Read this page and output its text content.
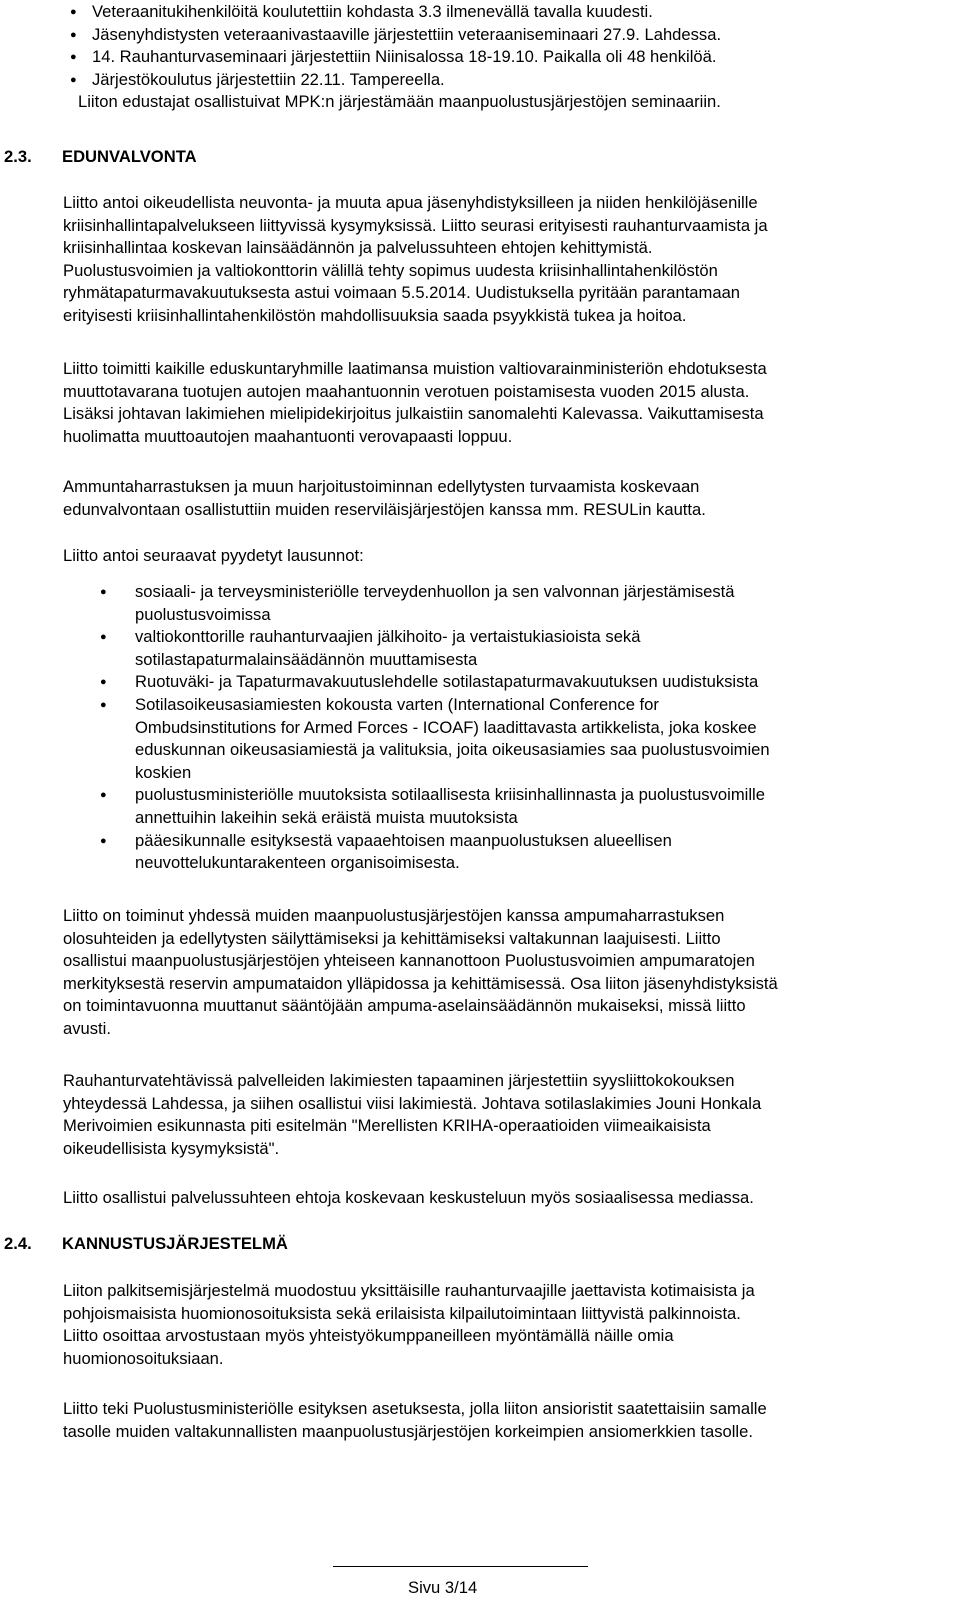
● Veteraanitukihenkilöitä koulutettiin kohdasta 3.3 ilmenevällä tavalla kuudesti.
● Jäsenyhdistysten veteraanivastaaville järjestettiin veteraaniseminaari 27.9. Lahdessa.
● 14. Rauhanturvaseminaari järjestettiin Niinisalossa 18-19.10. Paikalla oli 48 henkilöä.
● Järjestökoulutus järjestettiin 22.11. Tampereella.
Liiton edustajat osallistuivat MPK:n järjestämään maanpuolustusjärjestöjen seminaariin.
2.3. EDUNVALVONTA
Liitto antoi oikeudellista neuvonta- ja muuta apua jäsenyhdistyksilleen ja niiden henkilöjäsenille
kriisinhallintapalvelukseen liittyvissä kysymyksissä. Liitto seurasi erityisesti rauhanturvaamista ja
kriisinhallintaa koskevan lainsäädännön ja palvelussuhteen ehtojen kehittymistä.
Puolustusvoimien ja valtiokonttorin välillä tehty sopimus uudesta kriisinhallintahenkilöstön
ryhmätapaturmavakuutuksesta astui voimaan 5.5.2014. Uudistuksella pyritään parantamaan
erityisesti kriisinhallintahenkilöstön mahdollisuuksia saada psyykkistä tukea ja hoitoa.
Liitto toimitti kaikille eduskuntaryhmille laatimansa muistion valtiovarainministeriön ehdotuksesta
muuttotavarana tuotujen autojen maahantuonnin verotuen poistamisesta vuoden 2015 alusta.
Lisäksi johtavan lakimiehen mielipidekirjoitus julkaistiin sanomalehti Kalevassa. Vaikuttamisesta
huolimatta muuttoautojen maahantuonti verovapaasti loppuu.
Ammuntaharrastuksen ja muun harjoitustoiminnan edellytysten turvaamista koskevaan
edunvalvontaan osallistuttiin muiden reserviläisjärjestöjen kanssa mm. RESULin kautta.
Liitto antoi seuraavat pyydetyt lausunnot:
● sosiaali- ja terveysministeriölle terveydenhuollon ja sen valvonnan järjestämisestä
puolustusvoimissa
● valtiokonttorille rauhanturvaajien jälkihoito- ja vertaistukiasioista sekä
sotilastapaturmalainsäädännön muuttamisesta
● Ruotuväki- ja Tapaturmavakuutuslehdelle sotilastapaturmavakuutuksen uudistuksista
● Sotilasoikeusasiamiesten kokousta varten (International Conference for
Ombudsinstitutions for Armed Forces - ICOAF) laadittavasta artikkelista, joka koskee
eduskunnan oikeusasiamiestä ja valituksia, joita oikeusasiamies saa puolustusvoimien
koskien
● puolustusministeriölle muutoksista sotilaallisesta kriisinhallinnasta ja puolustusvoimille
annettuihin lakeihin sekä eräistä muista muutoksista
● pääesikunnalle esityksestä vapaaehtoisen maanpuolustuksen alueellisen
neuvottelukuntarakenteen organisoimisesta.
Liitto on toiminut yhdessä muiden maanpuolustusjärjestöjen kanssa ampumaharrastuksen
olosuhteiden ja edellytysten säilyttämiseksi ja kehittämiseksi valtakunnan laajuisesti. Liitto
osallistui maanpuolustusjärjestöjen yhteiseen kannanottoon Puolustusvoimien ampumaratojen
merkityksestä reservin ampumataidon ylläpidossa ja kehittämisessä. Osa liiton jäsenyhdistyksistä
on toimintavuonna muuttanut sääntöjään ampuma-aselainsäädännön mukaiseksi, missä liitto
avusti.
Rauhanturvatehtävissä palvelleiden lakimiesten tapaaminen järjestettiin syysliittokokouksen
yhteydessä Lahdessa, ja siihen osallistui viisi lakimiestä. Johtava sotilaslakimies Jouni Honkala
Merivoimien esikunnasta piti esitelmän "Merellisten KRIHA-operaatioiden viimeaikaisista
oikeudellisista kysymyksistä".
Liitto osallistui palvelussuhteen ehtoja koskevaan keskusteluun myös sosiaalisessa mediassa.
2.4. KANNUSTUSJÄRJESTELMÄ
Liiton palkitsemisjärjestelmä muodostuu yksittäisille rauhanturvaajille jaettavista kotimaisista ja
pohjoismaisista huomionosoituksista sekä erilaisista kilpailutoimintaan liittyvistä palkinnoista.
Liitto osoittaa arvostustaan myös yhteistyökumppaneilleen myöntämällä näille omia
huomionosoituksiaan.
Liitto teki Puolustusministeriölle esityksen asetuksesta, jolla liiton ansioristit saatettaisiin samalle
tasolle muiden valtakunnallisten maanpuolustusjärjestöjen korkeimpien ansiomerkkien tasolle.
Sivu 3/14
